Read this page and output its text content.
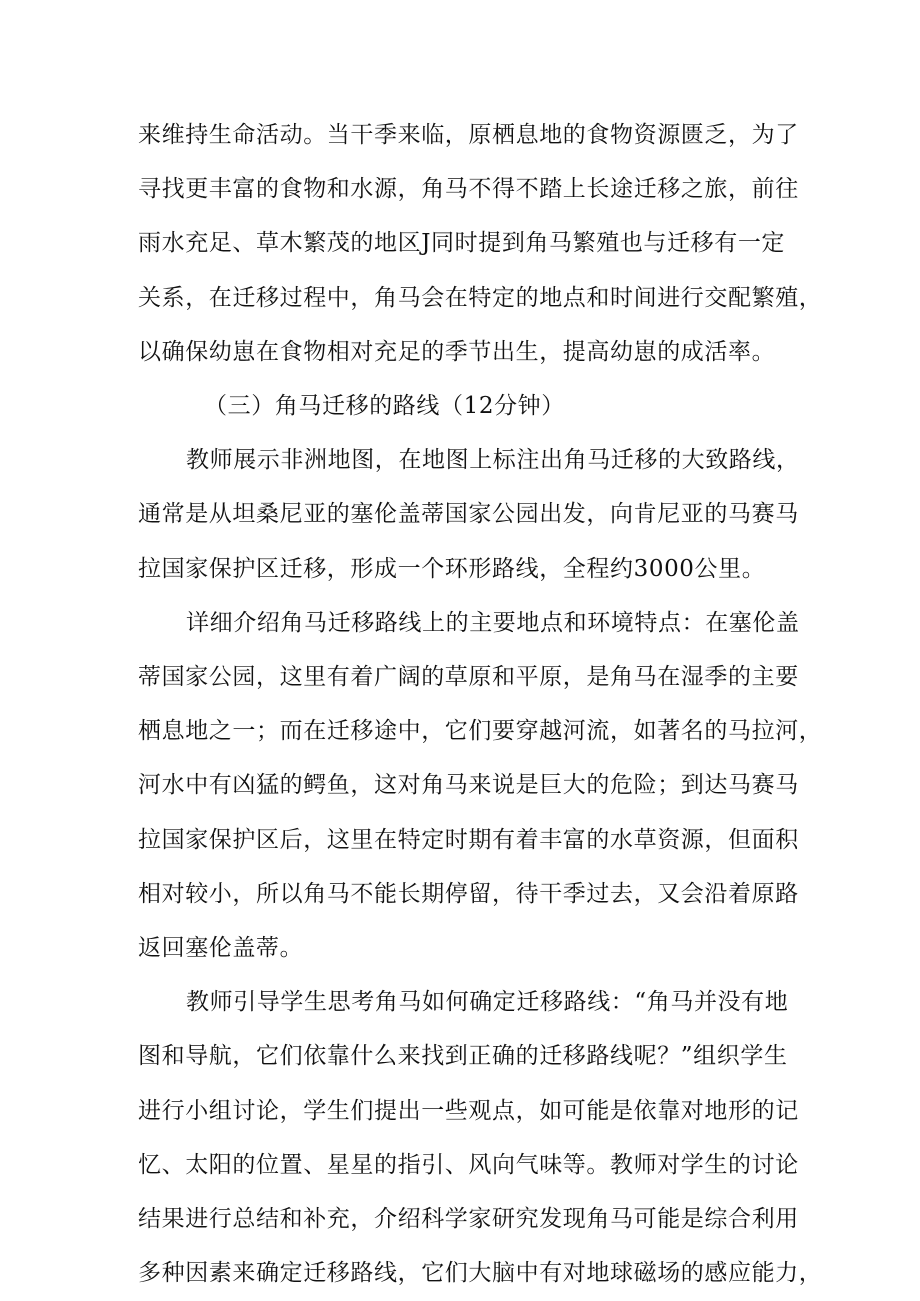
来维持生命活动。当干季来临，原栖息地的食物资源匮乏，为了
寻找更丰富的食物和水源，角马不得不踏上长途迁移之旅，前往
雨水充足、草木繁茂的地区J同时提到角马繁殖也与迁移有一定
关系，在迁移过程中，角马会在特定的地点和时间进行交配繁殖，
以确保幼崽在食物相对充足的季节出生，提高幼崽的成活率。

（三）角马迁移的路线（12分钟）

教师展示非洲地图，在地图上标注出角马迁移的大致路线，
通常是从坦桑尼亚的塞伦盖蒂国家公园出发，向肯尼亚的马赛马
拉国家保护区迁移，形成一个环形路线，全程约3000公里。

详细介绍角马迁移路线上的主要地点和环境特点：在塞伦盖
蒂国家公园，这里有着广阔的草原和平原，是角马在湿季的主要
栖息地之一；而在迁移途中，它们要穿越河流，如著名的马拉河，
河水中有凶猛的鳄鱼，这对角马来说是巨大的危险；到达马赛马
拉国家保护区后，这里在特定时期有着丰富的水草资源，但面积
相对较小，所以角马不能长期停留，待干季过去，又会沿着原路
返回塞伦盖蒂。

教师引导学生思考角马如何确定迁移路线：“角马并没有地
图和导航，它们依靠什么来找到正确的迁移路线呢？”组织学生
进行小组讨论，学生们提出一些观点，如可能是依靠对地形的记
忆、太阳的位置、星星的指引、风向气味等。教师对学生的讨论
结果进行总结和补充，介绍科学家研究发现角马可能是综合利用
多种因素来确定迁移路线，它们大脑中有对地球磁场的感应能力，
